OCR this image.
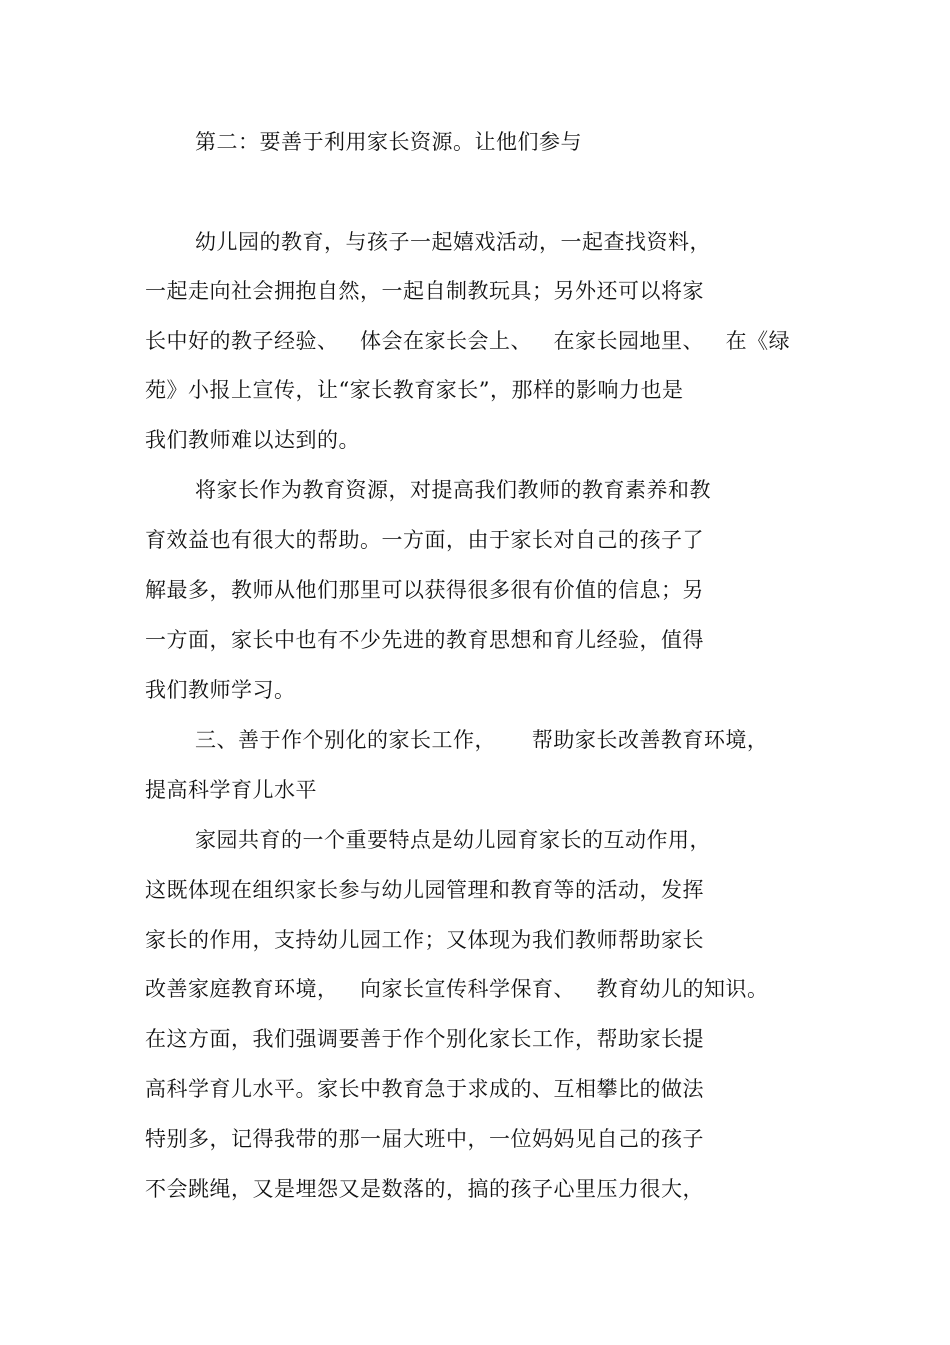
第二：要善于利用家长资源。让他们参与
幼儿园的教育，与孩子一起嬉戏活动，一起查找资料，
一起走向社会拥抱自然，一起自制教玩具；另外还可以将家
长中好的教子经验、   体会在家长会上、   在家长园地里、   在《绿
苑》小报上宣传，让“家长教育家长”，那样的影响力也是
我们教师难以达到的。
将家长作为教育资源，对提高我们教师的教育素养和教
育效益也有很大的帮助。一方面，由于家长对自己的孩子了
解最多，教师从他们那里可以获得很多很有价值的信息；另
一方面，家长中也有不少先进的教育思想和育儿经验，值得
我们教师学习。
三、善于作个别化的家长工作，     帮助家长改善教育环境，
提高科学育儿水平
家园共育的一个重要特点是幼儿园育家长的互动作用，
这既体现在组织家长参与幼儿园管理和教育等的活动，发挥
家长的作用，支持幼儿园工作；又体现为我们教师帮助家长
改善家庭教育环境，   向家长宣传科学保育、   教育幼儿的知识。
在这方面，我们强调要善于作个别化家长工作，帮助家长提
高科学育儿水平。家长中教育急于求成的、互相攀比的做法
特别多，记得我带的那一届大班中，一位妈妈见自己的孩子
不会跳绳，又是埋怨又是数落的，搞的孩子心里压力很大，
